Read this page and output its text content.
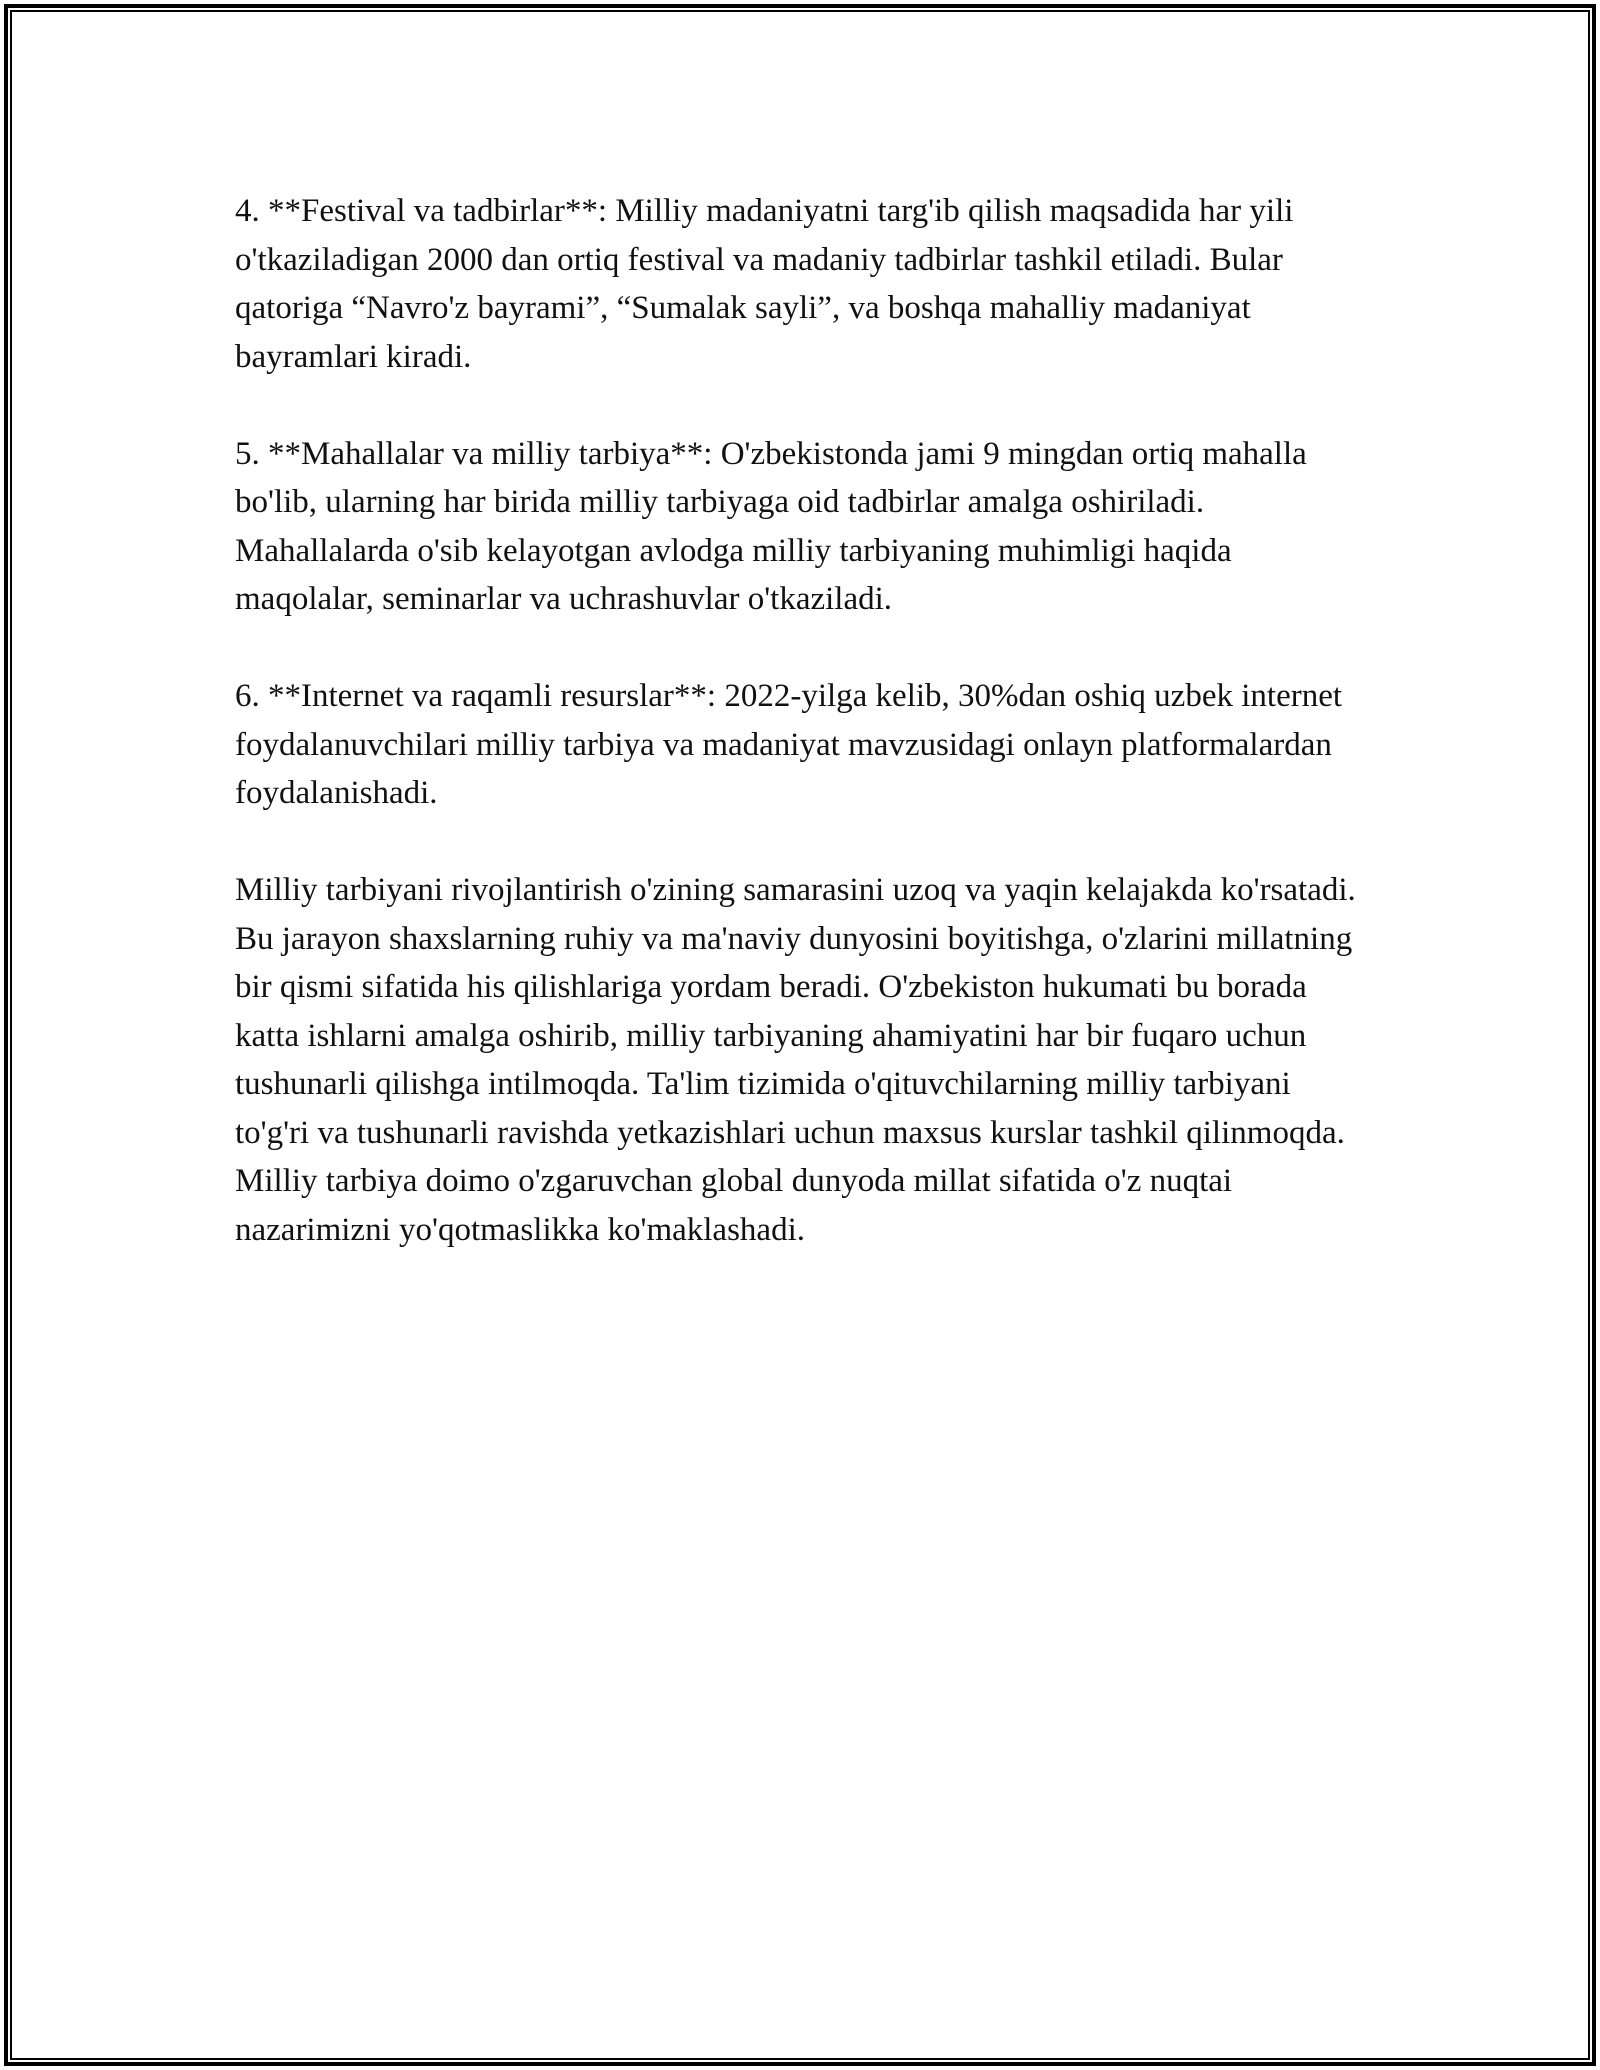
4. **Festival va tadbirlar**: Milliy madaniyatni targ'ib qilish maqsadida har yili o'tkaziladigan 2000 dan ortiq festival va madaniy tadbirlar tashkil etiladi. Bular qatoriga “Navro'z bayrami”, “Sumalak sayli”, va boshqa mahalliy madaniyat bayramlari kiradi.

5. **Mahallalar va milliy tarbiya**: O'zbekistonda jami 9 mingdan ortiq mahalla bo'lib, ularning har birida milliy tarbiyaga oid tadbirlar amalga oshiriladi. Mahallalarda o'sib kelayotgan avlodga milliy tarbiyaning muhimligi haqida maqolalar, seminarlar va uchrashuvlar o'tkaziladi.

6. **Internet va raqamli resurslar**: 2022-yilga kelib, 30%dan oshiq uzbek internet foydalanuvchilari milliy tarbiya va madaniyat mavzusidagi onlayn platformalardan foydalanishadi.

Milliy tarbiyani rivojlantirish o'zining samarasini uzoq va yaqin kelajakda ko'rsatadi. Bu jarayon shaxslarning ruhiy va ma'naviy dunyosini boyitishga, o'zlarini millatning bir qismi sifatida his qilishlariga yordam beradi. O'zbekiston hukumati bu borada katta ishlarni amalga oshirib, milliy tarbiyaning ahamiyatini har bir fuqaro uchun tushunarli qilishga intilmoqda. Ta'lim tizimida o'qituvchilarning milliy tarbiyani to'g'ri va tushunarli ravishda yetkazishlari uchun maxsus kurslar tashkil qilinmoqda. Milliy tarbiya doimo o'zgaruvchan global dunyoda millat sifatida o'z nuqtai nazarimizni yo'qotmaslikka ko'maklashadi.
